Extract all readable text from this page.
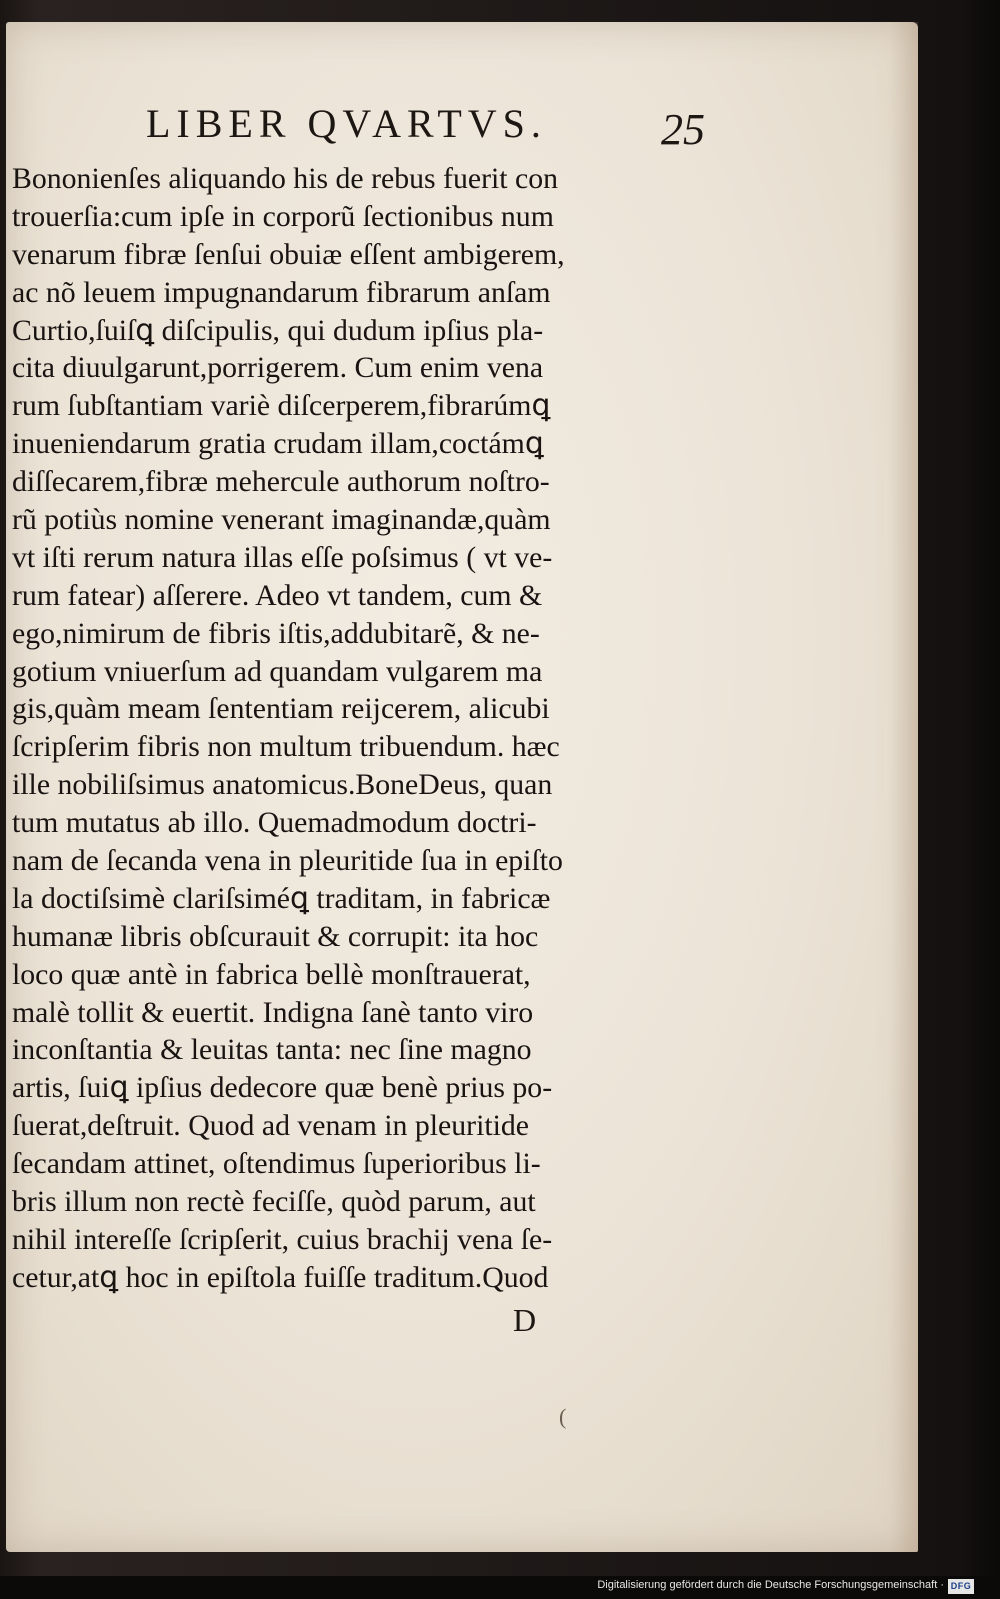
LIBER QVARTVS.	25
Bononienſes aliquando his de rebus fuerit con
trouerſia:cum ipſe in corporũ ſectionibus num
venarum fibræ ſenſui obuiæ eſſent ambigerem,
ac nõ leuem impugnandarum fibrarum anſam
Curtio,ſuiſꝗ diſcipulis, qui dudum ipſius pla-
cita diuulgarunt,porrigerem. Cum enim vena
rum ſubſtantiam variè diſcerperem,fibrarúmꝗ
inueniendarum gratia crudam illam,coctámꝗ
diſſecarem,fibræ mehercule authorum noſtro-
rũ potiùs nomine venerant imaginandæ,quàm
vt iſti rerum natura illas eſſe poſsimus ( vt ve-
rum fatear) aſſerere. Adeo vt tandem, cum &
ego,nimirum de fibris iſtis,addubitarẽ, & ne-
gotium vniuerſum ad quandam vulgarem ma
gis,quàm meam ſententiam reijcerem, alicubi
ſcripſerim fibris non multum tribuendum. hæc
ille nobiliſsimus anatomicus.BoneDeus, quan
tum mutatus ab illo. Quemadmodum doctri-
nam de ſecanda vena in pleuritide ſua in epiſto
la doctiſsimè clariſsiméꝗ traditam, in fabricæ
humanæ libris obſcurauit & corrupit: ita hoc
loco quæ antè in fabrica bellè monſtrauerat,
malè tollit & euertit. Indigna ſanè tanto viro
inconſtantia & leuitas tanta: nec ſine magno
artis, ſuiꝗ ipſius dedecore quæ benè prius po-
ſuerat,deſtruit. Quod ad venam in pleuritide
ſecandam attinet, oſtendimus ſuperioribus li-
bris illum non rectè feciſſe, quòd parum, aut
nihil intereſſe ſcripſerit, cuius brachij vena ſe-
cetur,atꝗ hoc in epiſtola fuiſſe traditum.Quod
D
(
Digitalisierung gefördert durch die Deutsche Forschungsgemeinschaft · DFG
